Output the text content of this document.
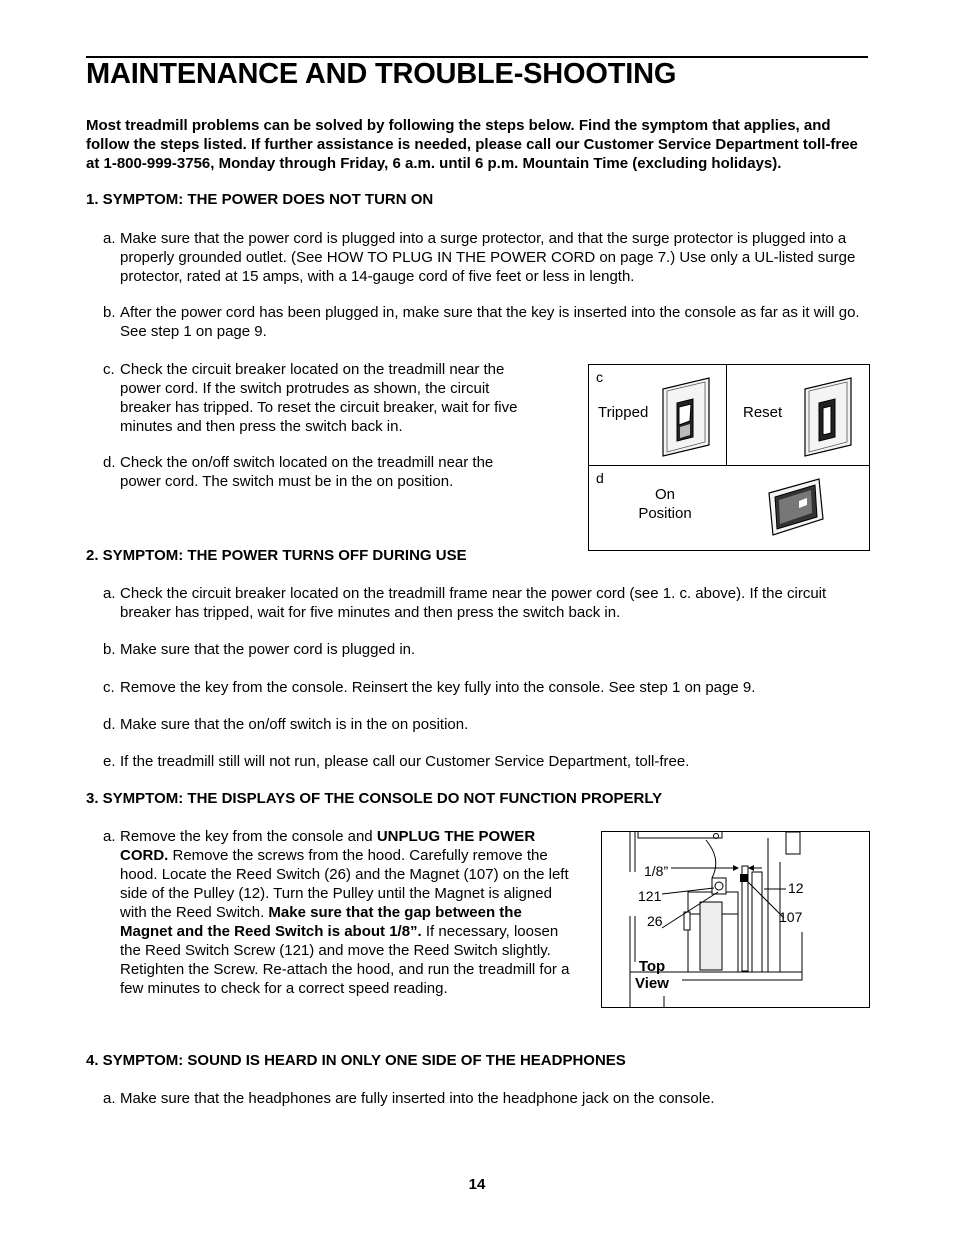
MAINTENANCE AND TROUBLE-SHOOTING

Most treadmill problems can be solved by following the steps below. Find the symptom that applies, and follow the steps listed. If further assistance is needed, please call our Customer Service Department toll-free at 1-800-999-3756, Monday through Friday, 6 a.m. until 6 p.m. Mountain Time (excluding holidays).

1. SYMPTOM: THE POWER DOES NOT TURN ON

a. Make sure that the power cord is plugged into a surge protector, and that the surge protector is plugged into a properly grounded outlet. (See HOW TO PLUG IN THE POWER CORD on page 7.) Use only a UL-listed surge protector, rated at 15 amps, with a 14-gauge cord of five feet or less in length.
b. After the power cord has been plugged in, make sure that the key is inserted into the console as far as it will go. See step 1 on page 9.
c. Check the circuit breaker located on the treadmill near the power cord. If the switch protrudes as shown, the circuit breaker has tripped. To reset the circuit breaker, wait for five minutes and then press the switch back in.
d. Check the on/off switch located on the treadmill near the power cord. The switch must be in the on position.
c
Tripped	Reset
d
On
Position

2. SYMPTOM: THE POWER TURNS OFF DURING USE

a. Check the circuit breaker located on the treadmill frame near the power cord (see 1. c. above). If the circuit breaker has tripped, wait for five minutes and then press the switch back in.
b. Make sure that the power cord is plugged in.
c. Remove the key from the console. Reinsert the key fully into the console. See step 1 on page 9.
d. Make sure that the on/off switch is in the on position.
e. If the treadmill still will not run, please call our Customer Service Department, toll-free.

3. SYMPTOM: THE DISPLAYS OF THE CONSOLE DO NOT FUNCTION PROPERLY

a. Remove the key from the console and UNPLUG THE POWER CORD. Remove the screws from the hood. Carefully remove the hood. Locate the Reed Switch (26) and the Magnet (107) on the left side of the Pulley (12). Turn the Pulley until the Magnet is aligned with the Reed Switch. Make sure that the gap between the Magnet and the Reed Switch is about 1/8”. If necessary, loosen the Reed Switch Screw (121) and move the Reed Switch slightly. Retighten the Screw. Re-attach the hood, and run the treadmill for a few minutes to check for a correct speed reading.
1/8”
121
26
12
107
Top
View

4. SYMPTOM: SOUND IS HEARD IN ONLY ONE SIDE OF THE HEADPHONES

a. Make sure that the headphones are fully inserted into the headphone jack on the console.
14
